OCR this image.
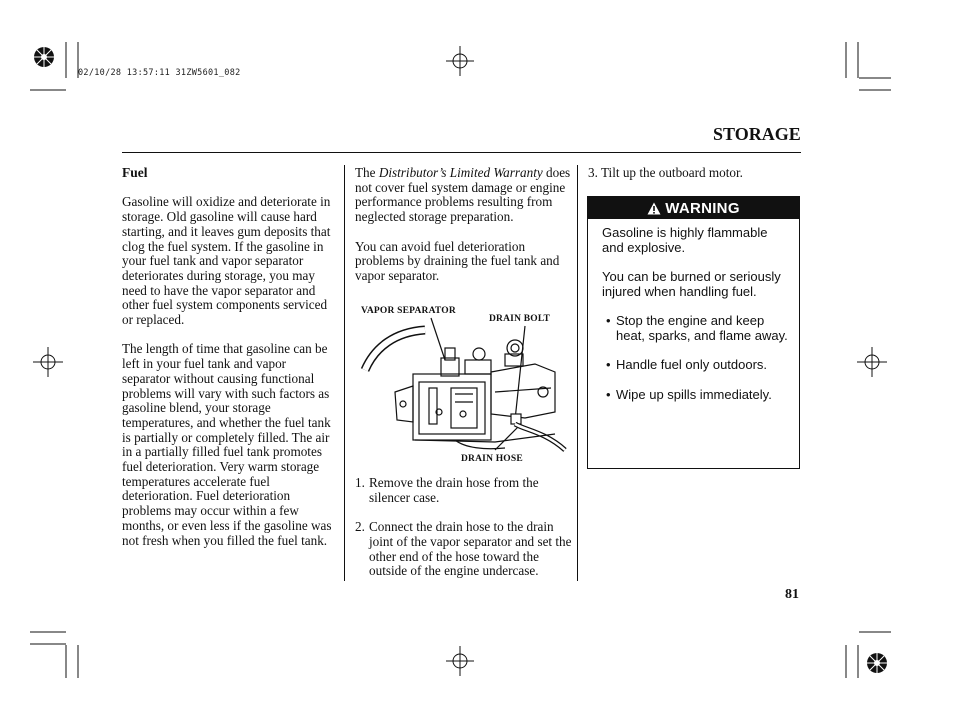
02/10/28 13:57:11 31ZW5601_082
STORAGE

Fuel

Gasoline will oxidize and deteriorate in storage. Old gasoline will cause hard starting, and it leaves gum deposits that clog the fuel system. If the gasoline in your fuel tank and vapor separator deteriorates during storage, you may need to have the vapor separator and other fuel system components serviced or replaced.

The length of time that gasoline can be left in your fuel tank and vapor separator without causing functional problems will vary with such factors as gasoline blend, your storage temperatures, and whether the fuel tank is partially or completely filled. The air in a partially filled fuel tank promotes fuel deterioration. Very warm storage temperatures accelerate fuel deterioration. Fuel deterioration problems may occur within a few months, or even less if the gasoline was not fresh when you filled the fuel tank.

The Distributor’s Limited Warranty does not cover fuel system damage or engine performance problems resulting from neglected storage preparation.

You can avoid fuel deterioration problems by draining the fuel tank and vapor separator.

VAPOR SEPARATOR
DRAIN BOLT
DRAIN HOSE
1. Remove the drain hose from the silencer case.
2. Connect the drain hose to the drain joint of the vapor separator and set the other end of the hose toward the outside of the engine undercase.
3. Tilt up the outboard motor.
WARNING

Gasoline is highly flammable and explosive.

You can be burned or seriously injured when handling fuel.

• Stop the engine and keep heat, sparks, and flame away.
• Handle fuel only outdoors.
• Wipe up spills immediately.
81
